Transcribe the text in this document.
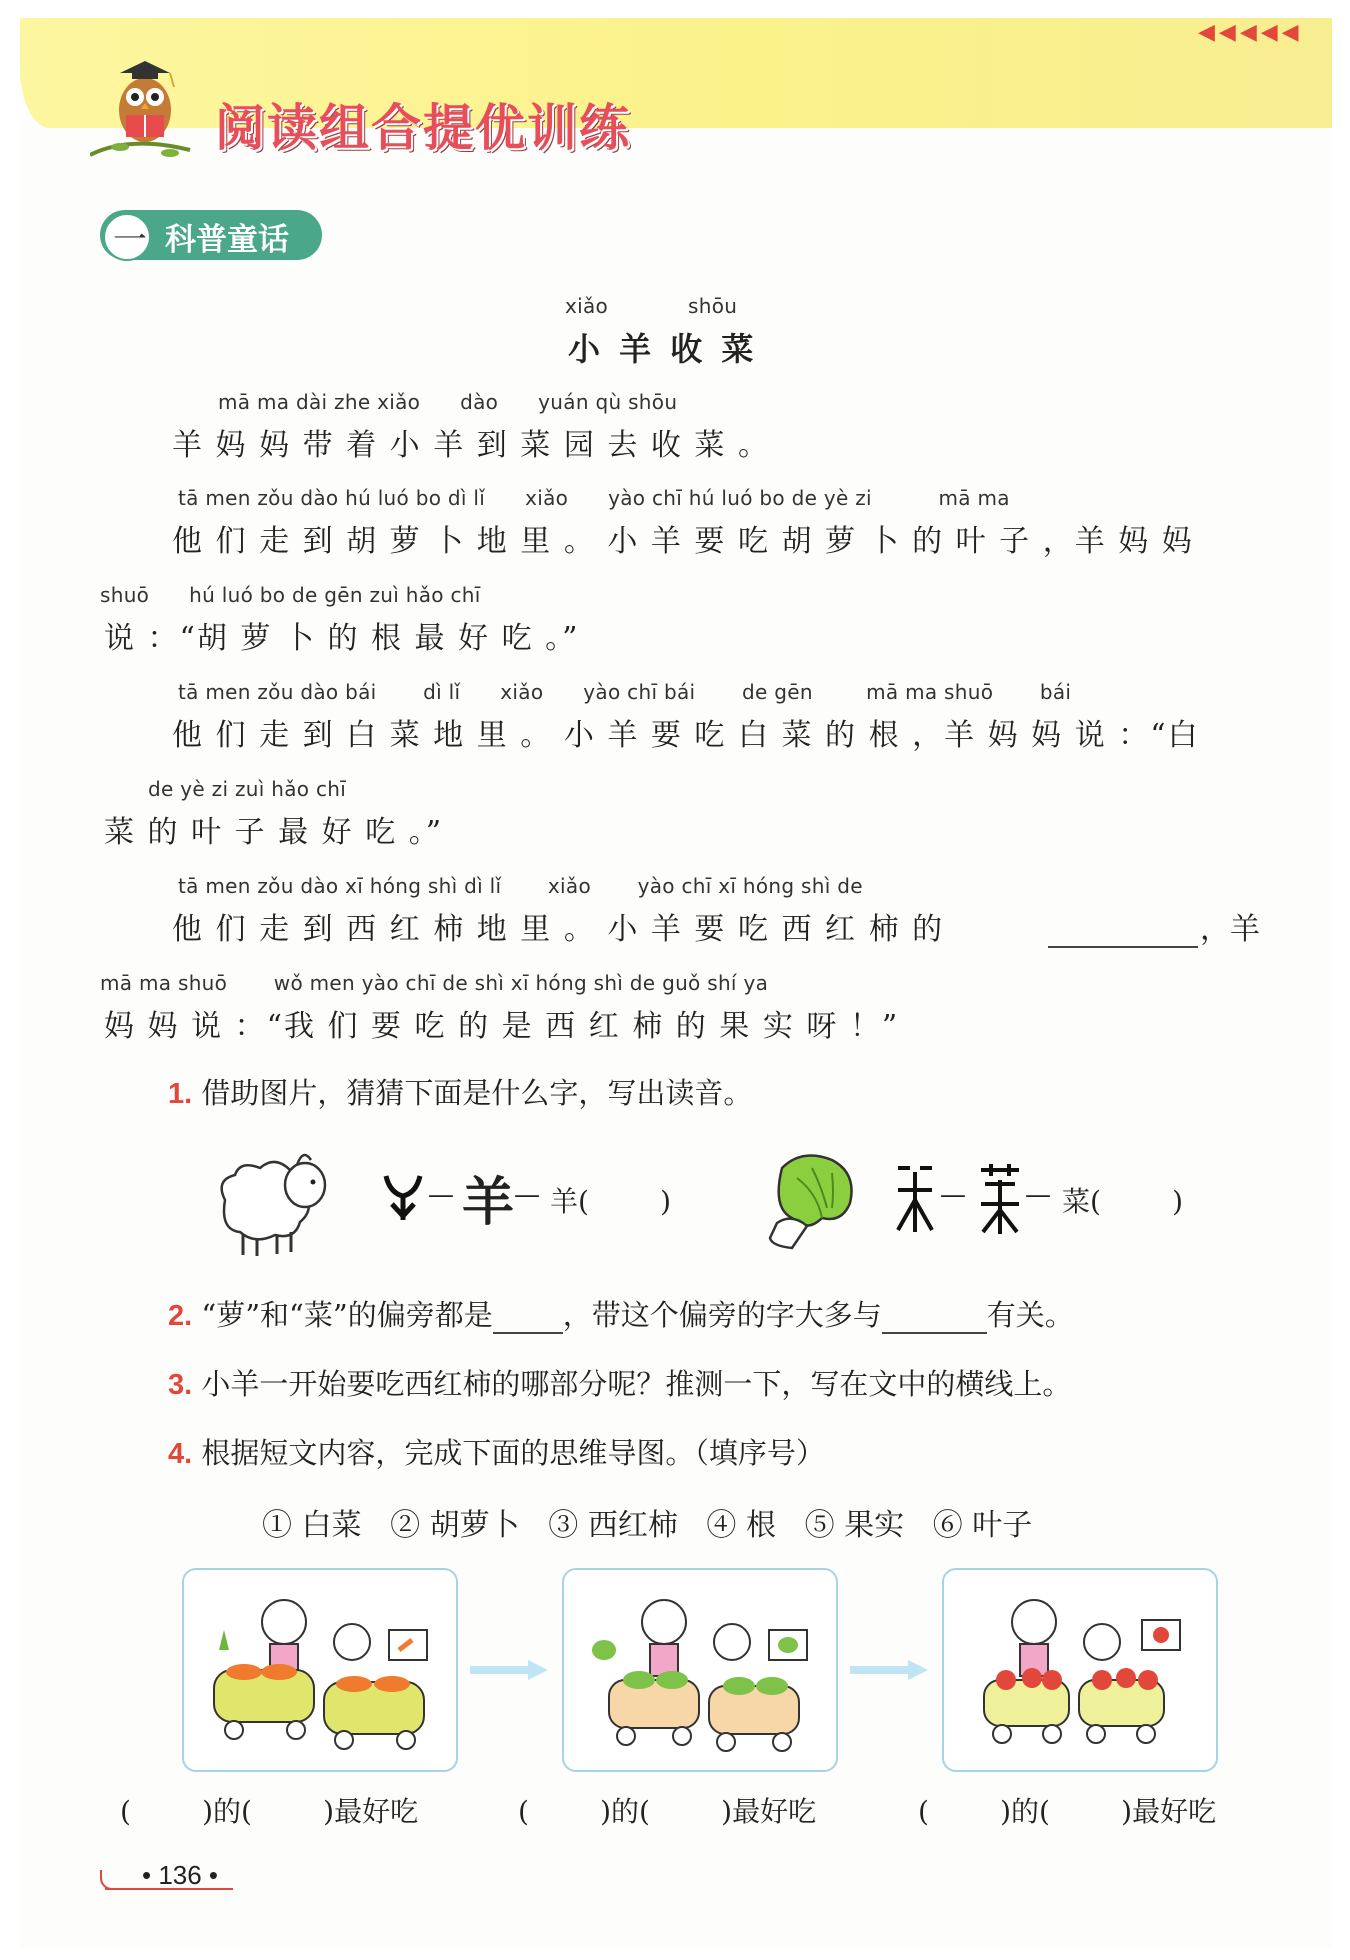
◀◀◀◀◀
阅读组合提优训练
一 科普童话
xiǎo	shōu
小 羊 收 菜
mā ma dài zhe xiǎo      dào      yuán qù shōu
羊 妈 妈 带 着 小 羊 到 菜 园 去 收 菜 。
tā men zǒu dào hú luó bo dì lǐ      xiǎo      yào chī hú luó bo de yè zi          mā ma
他 们 走 到 胡 萝 卜 地 里 。 小 羊 要 吃 胡 萝 卜 的 叶 子 ，羊 妈 妈
shuō      hú luó bo de gēn zuì hǎo chī
说 ：“胡 萝 卜 的 根 最 好 吃 。”
tā men zǒu dào bái       dì lǐ      xiǎo      yào chī bái       de gēn        mā ma shuō       bái
他 们 走 到 白 菜 地 里 。 小 羊 要 吃 白 菜 的 根 ，羊 妈 妈 说 ：“白
de yè zi zuì hǎo chī
菜 的 叶 子 最 好 吃 。”
tā men zǒu dào xī hóng shì dì lǐ       xiǎo       yào chī xī hóng shì de
他 们 走 到 西 红 柿 地 里 。 小 羊 要 吃 西 红 柿 的	，羊
mā ma shuō       wǒ men yào chī de shì xī hóng shì de guǒ shí ya
妈 妈 说 ：“我 们 要 吃 的 是 西 红 柿 的 果 实 呀 ！”
1. 借助图片，猜猜下面是什么字，写出读音。
— 羊 — 羊(        )	— — 菜(        )
2. “萝”和“菜”的偏旁都是 ，带这个偏旁的字大多与	有关。
3. 小羊一开始要吃西红柿的哪部分呢？推测一下，写在文中的横线上。
4. 根据短文内容，完成下面的思维导图。（填序号）
① 白菜   ② 胡萝卜   ③ 西红柿   ④ 根   ⑤ 果实   ⑥ 叶子
(        )的(        )最好吃	(        )的(        )最好吃	(        )的(        )最好吃
• 136 •
